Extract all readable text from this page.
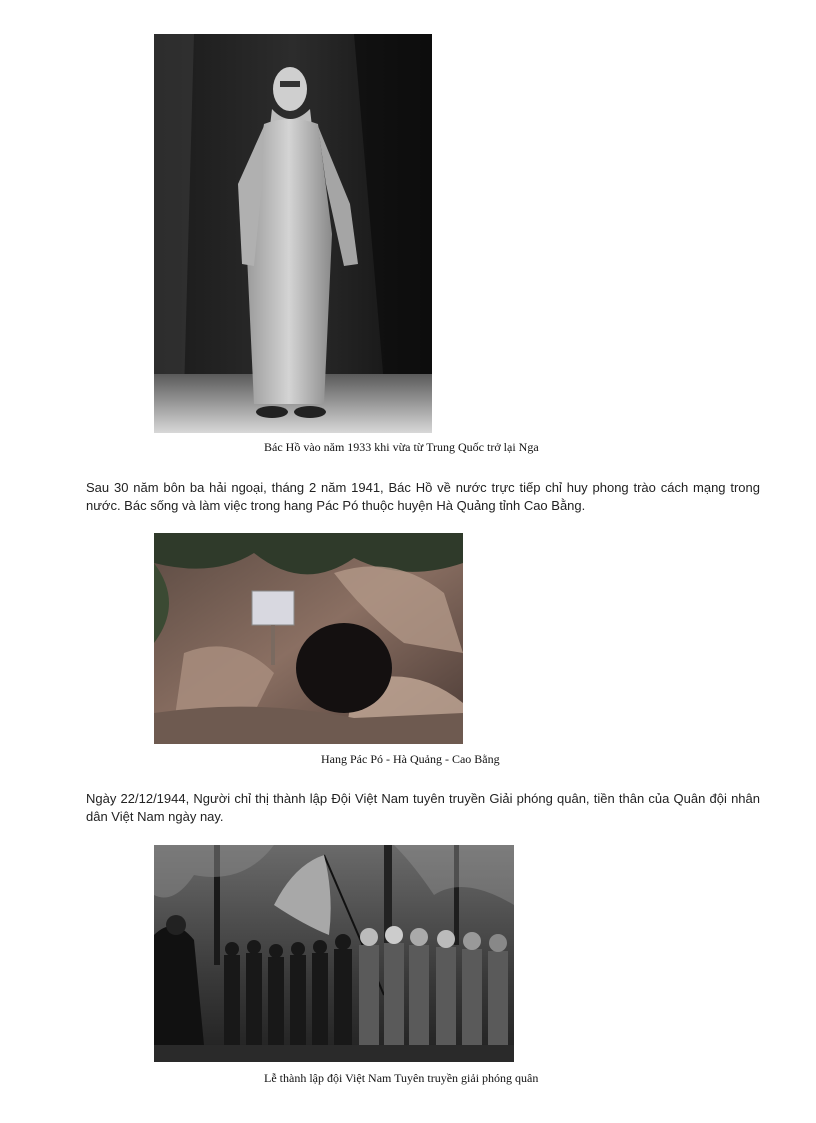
Bác Hồ vào năm 1933 khi vừa từ Trung Quốc trở lại Nga
Sau 30 năm bôn ba hải ngoại, tháng 2 năm 1941, Bác Hồ về nước trực tiếp chỉ huy phong trào cách mạng trong nước. Bác sống và làm việc trong hang Pác Pó thuộc huyện Hà Quảng tỉnh Cao Bằng.
Hang Pác Pó - Hà Quảng - Cao Bằng
Ngày 22/12/1944, Người chỉ thị thành lập Đội Việt Nam tuyên truyền Giải phóng quân, tiền thân của Quân đội nhân dân Việt Nam ngày nay.
Lễ thành lập đội Việt Nam Tuyên truyền giải phóng quân
